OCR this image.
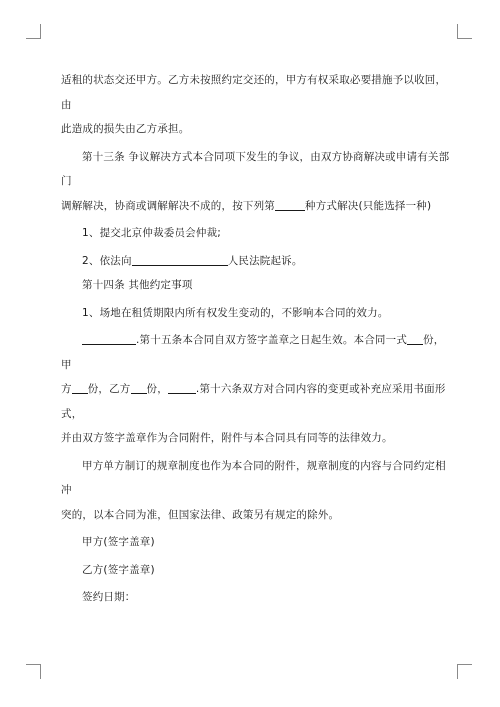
适租的状态交还甲方。乙方未按照约定交还的，甲方有权采取必要措施予以收回，由

此造成的损失由乙方承担。

第十三条 争议解决方式本合同项下发生的争议，由双方协商解决或申请有关部门

调解解决，协商或调解解决不成的，按下列第	种方式解决(只能选择一种)

1、提交北京仲裁委员会仲裁;

2、依法向	人民法院起诉。

第十四条 其他约定事项

1、场地在租赁期限内所有权发生变动的，不影响本合同的效力。

.第十五条本合同自双方签字盖章之日起生效。本合同一式 份，甲

方 份，乙方 份，	.第十六条双方对合同内容的变更或补充应采用书面形式，

并由双方签字盖章作为合同附件，附件与本合同具有同等的法律效力。

甲方单方制订的规章制度也作为本合同的附件，规章制度的内容与合同约定相冲

突的，以本合同为准，但国家法律、政策另有规定的除外。

甲方(签字盖章)

乙方(签字盖章)

签约日期：
